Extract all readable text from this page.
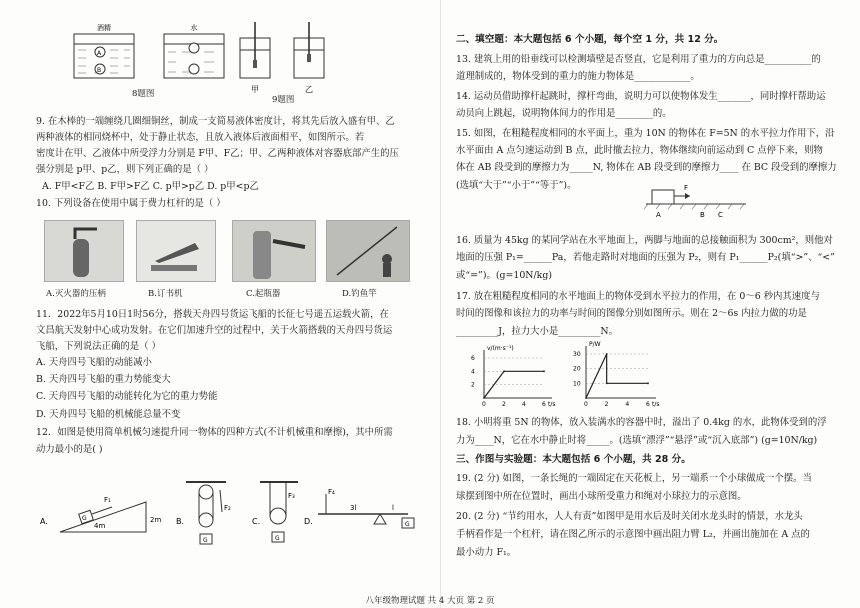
A
B
酒精	水
8题图	甲	乙
9题图
9. 在木棒的一端缠绕几圈细铜丝，制成一支简易液体密度计，将其先后放入盛有甲、乙
两种液体的相同烧杯中，处于静止状态，且放入液体后液面相平，如图所示。若
密度计在甲、乙液体中所受浮力分别是 F甲、F乙；甲、乙两种液体对容器底部产生的压
强分别是 p甲、p乙，则下列正确的是（ ）
A. F甲<F乙 B. F甲>F乙 C. p甲>p乙 D. p甲<p乙
10. 下列设备在使用中属于费力杠杆的是（ ）
A.灭火器的压柄	B.订书机	C.起瓶器	D.钓鱼竿
11．2022年5月10日1时56分，搭载天舟四号货运飞船的长征七号遥五运载火箭，在
文昌航天发射中心成功发射。在它们加速升空的过程中，关于火箭搭载的天舟四号货运
飞船，下列说法正确的是（ ）
A. 天舟四号飞船的动能减小
B. 天舟四号飞船的重力势能变大
C. 天舟四号飞船的动能转化为它的重力势能
D. 天舟四号飞船的机械能总量不变
12．如图是使用简单机械匀速提升同一物体的四种方式(不计机械重和摩擦)，其中所需
动力最小的是( )
A.	G
F₁
4m
2m B.
F₂
G
C.
F₃
G
D.
F₄
3l	l
G
二、填空题：本大题包括 6 个小题，每个空 1 分，共 12 分。
13. 建筑上用的铅垂线可以检测墙壁是否竖直，它是利用了重力的方向总是__________的
道理制成的，物体受到的重力的施力物体是____________。
14. 运动员借助撑杆起跳时，撑杆弯曲，说明力可以使物体发生_______，同时撑杆帮助运
动员向上跳起，说明物体间力的作用是________的。
15. 如图，在粗糙程度相同的水平面上，重为 10N 的物体在 F=5N 的水平拉力作用下，沿
水平面由 A 点匀速运动到 B 点，此时撤去拉力，物体继续向前运动到 C 点停下来，则物
体在 AB 段受到的摩擦力为_____N, 物体在 AB 段受到的摩擦力____ 在 BC 段受到的摩擦力
(选填“大于”“小于”“等于”)。	F
A	B C
16. 质量为 45kg 的某同学站在水平地面上，两脚与地面的总接触面积为 300cm²，则他对
地面的压强 P₁=______Pa，若他走路时对地面的压强为 P₂，则有 P₁______P₂(填“>”、“<”
或“=”)。(g=10N/kg)
17. 放在粗糙程度相同的水平地面上的物体受到水平拉力的作用，在 0～6 秒内其速度与
时间的图像和该拉力的功率与时间的图像分别如图所示。则在 2～6s 内拉力做的功是
_________J，拉力大小是_________N。
v/(m·s⁻¹)
t/s
0	2	4	6
2
4
6
P/W
t/s
0	2	4	6
10
20
30
18. 小明将重 5N 的物体，放入装满水的容器中时，溢出了 0.4kg 的水，此物体受到的浮
力为____N，它在水中静止时将_____。(选填“漂浮”“悬浮”或“沉入底部”) (g=10N/kg)
三、作图与实验题：本大题包括 6 个小题，共 28 分。
19. (2 分) 如图，一条长绳的一端固定在天花板上，另一端系一个小球做成一个摆。当
球摆到图中所在位置时，画出小球所受重力和绳对小球拉力的示意图。
20. (2 分) “节约用水，人人有责”如图甲是用水后及时关闭水龙头时的情景，水龙头
手柄看作是一个杠杆，请在图乙所示的示意图中画出阻力臂 L₂，并画出施加在 A 点的
最小动力 F₁。
八年级物理试题 共 4 大页 第 2 页
